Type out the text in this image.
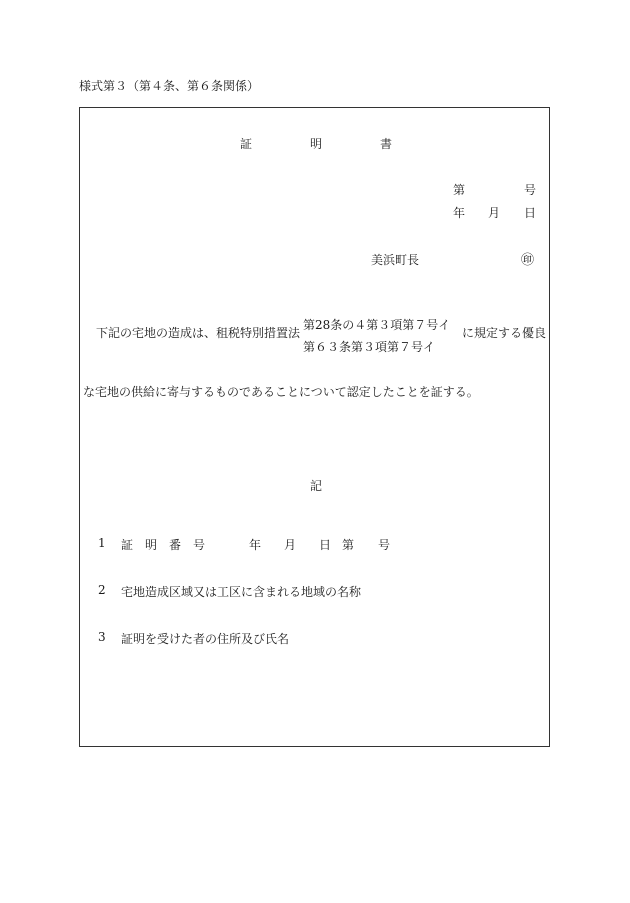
様式第３（第４条、第６条関係）
証	明	書
第	号
年 月 日
美浜町長	㊞
下記の宅地の造成は、租税特別措置法
第28条の４第３項第７号イ
第６３条第３項第７号イ
に規定する優良
な宅地の供給に寄与するものであることについて認定したことを証する。
記
1 証明番号	年 月 日 第 号
2 宅地造成区域又は工区に含まれる地域の名称
3 証明を受けた者の住所及び氏名
